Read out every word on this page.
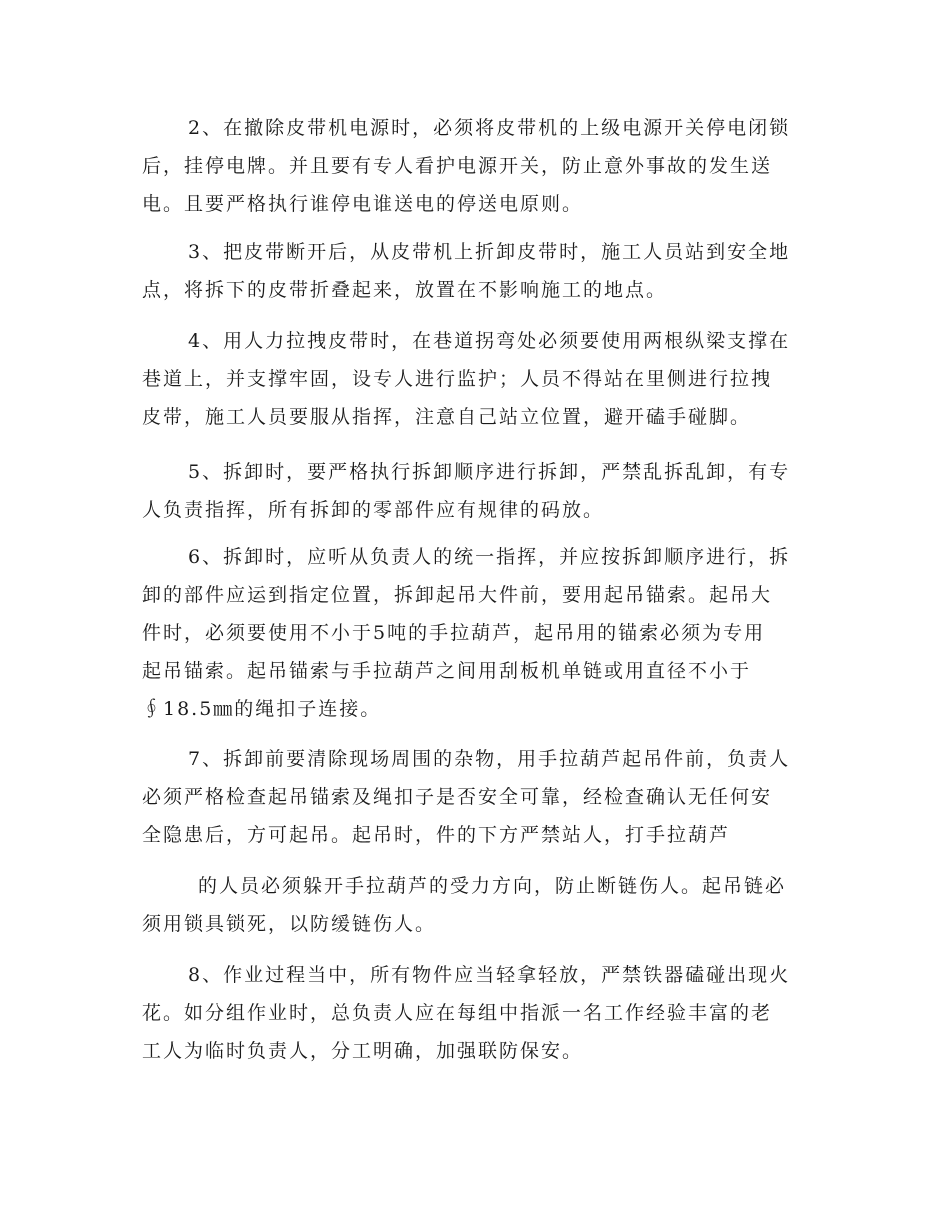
2、在撤除皮带机电源时，必须将皮带机的上级电源开关停电闭锁
后，挂停电牌。并且要有专人看护电源开关，防止意外事故的发生送
电。且要严格执行谁停电谁送电的停送电原则。
3、把皮带断开后，从皮带机上折卸皮带时，施工人员站到安全地
点，将拆下的皮带折叠起来，放置在不影响施工的地点。
4、用人力拉拽皮带时，在巷道拐弯处必须要使用两根纵梁支撑在
巷道上，并支撑牢固，设专人进行监护；人员不得站在里侧进行拉拽
皮带，施工人员要服从指挥，注意自己站立位置，避开磕手碰脚。
5、拆卸时，要严格执行拆卸顺序进行拆卸，严禁乱拆乱卸，有专
人负责指挥，所有拆卸的零部件应有规律的码放。
6、拆卸时，应听从负责人的统一指挥，并应按拆卸顺序进行，拆
卸的部件应运到指定位置，拆卸起吊大件前，要用起吊锚索。起吊大
件时，必须要使用不小于5吨的手拉葫芦，起吊用的锚索必须为专用
起吊锚索。起吊锚索与手拉葫芦之间用刮板机单链或用直径不小于
∮18.5㎜的绳扣子连接。
7、拆卸前要清除现场周围的杂物，用手拉葫芦起吊件前，负责人
必须严格检查起吊锚索及绳扣子是否安全可靠，经检查确认无任何安
全隐患后，方可起吊。起吊时，件的下方严禁站人，打手拉葫芦
的人员必须躲开手拉葫芦的受力方向，防止断链伤人。起吊链必
须用锁具锁死，以防缓链伤人。
8、作业过程当中，所有物件应当轻拿轻放，严禁铁器磕碰出现火
花。如分组作业时，总负责人应在每组中指派一名工作经验丰富的老
工人为临时负责人，分工明确，加强联防保安。
